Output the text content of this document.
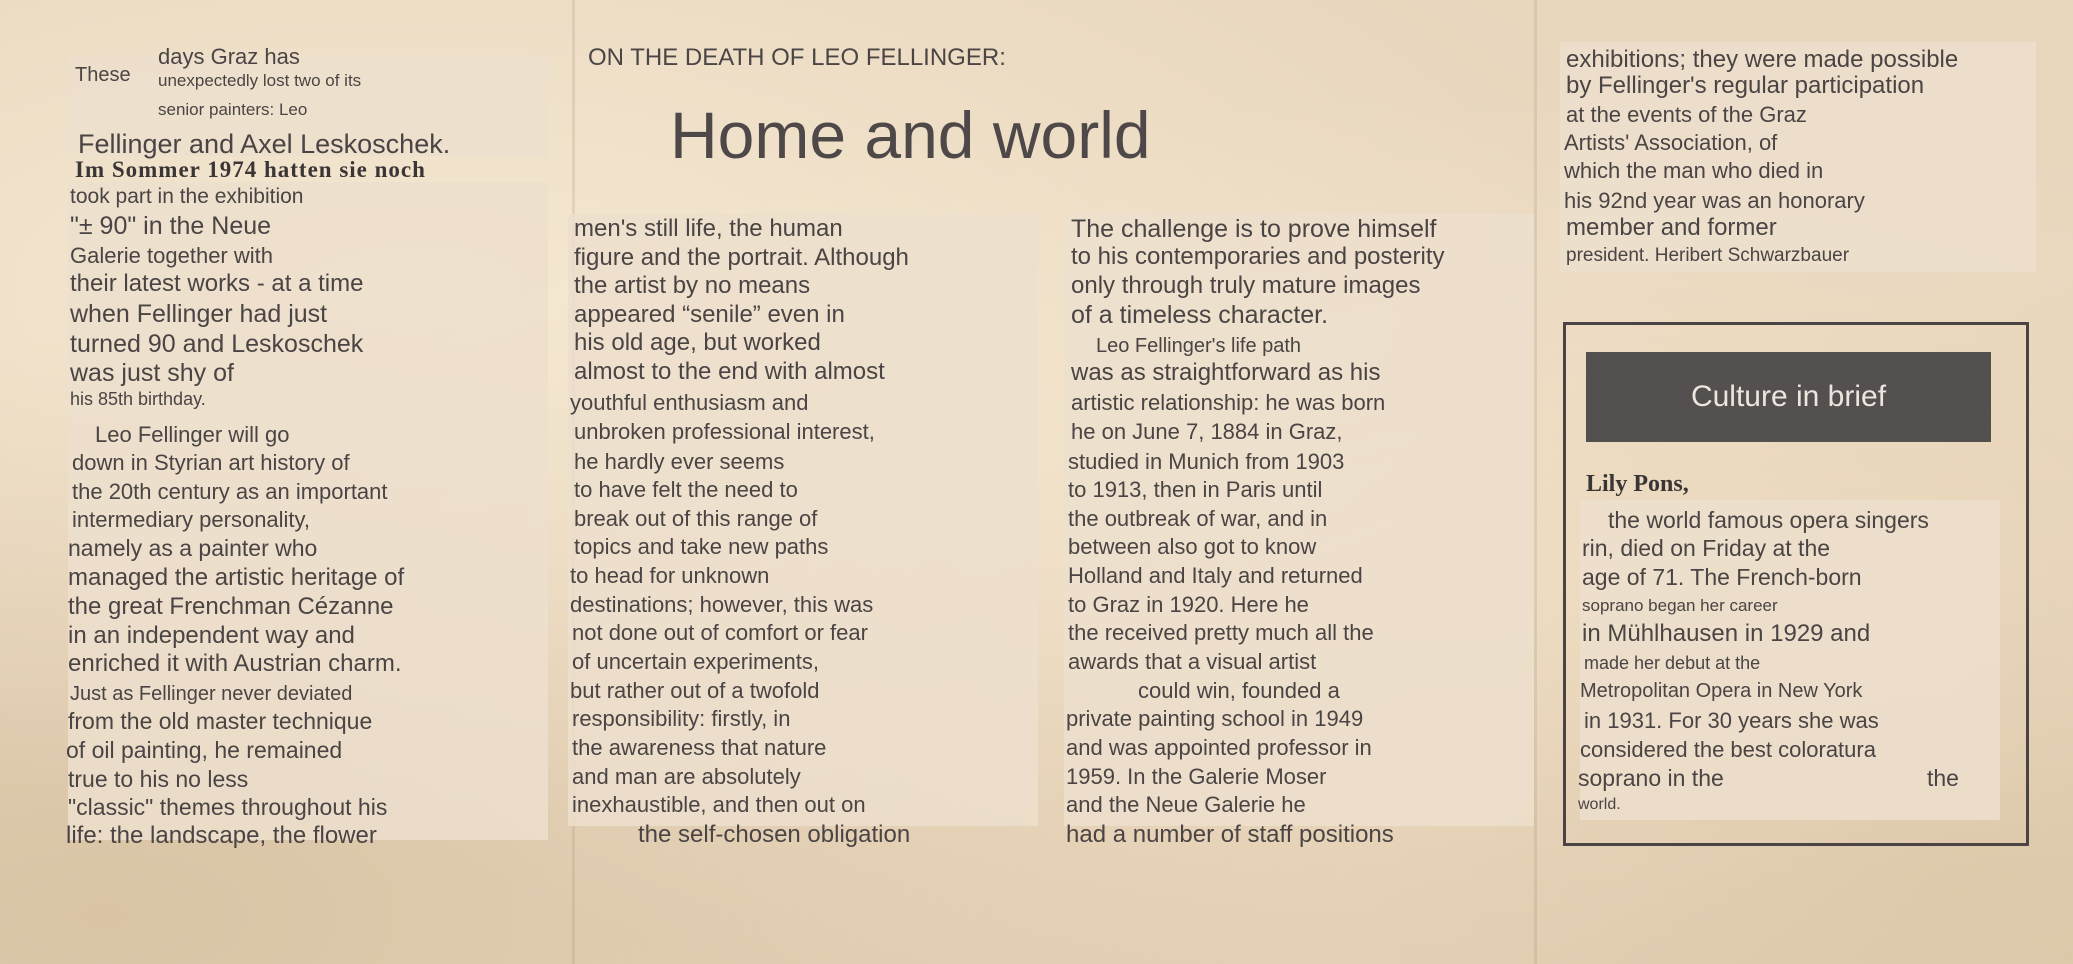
ON THE DEATH OF LEO FELLINGER:
Home and world
These
days Graz has
unexpectedly lost two of its
senior painters: Leo
Fellinger and Axel Leskoschek.
Im Sommer 1974 hatten sie noch
took part in the exhibition
"± 90" in the Neue
Galerie together with
their latest works - at a time
when Fellinger had just
turned 90 and Leskoschek
was just shy of
his 85th birthday.
Leo Fellinger will go
down in Styrian art history of
the 20th century as an important
intermediary personality,
namely as a painter who
managed the artistic heritage of
the great Frenchman Cézanne
in an independent way and
enriched it with Austrian charm.
Just as Fellinger never deviated
from the old master technique
of oil painting, he remained
true to his no less
"classic" themes throughout his
life: the landscape, the flower
men's still life, the human
figure and the portrait. Although
the artist by no means
appeared “senile” even in
his old age, but worked
almost to the end with almost
youthful enthusiasm and
unbroken professional interest,
he hardly ever seems
to have felt the need to
break out of this range of
topics and take new paths
to head for unknown
destinations; however, this was
not done out of comfort or fear
of uncertain experiments,
but rather out of a twofold
responsibility: firstly, in
the awareness that nature
and man are absolutely
inexhaustible, and then out on
the self-chosen obligation
The challenge is to prove himself
to his contemporaries and posterity
only through truly mature images
of a timeless character.
Leo Fellinger's life path
was as straightforward as his
artistic relationship: he was born
he on June 7, 1884 in Graz,
studied in Munich from 1903
to 1913, then in Paris until
the outbreak of war, and in
between also got to know
Holland and Italy and returned
to Graz in 1920. Here he
the received pretty much all the
awards that a visual artist
could win, founded a
private painting school in 1949
and was appointed professor in
1959. In the Galerie Moser
and the Neue Galerie he
had a number of staff positions
exhibitions; they were made possible
by Fellinger's regular participation
at the events of the Graz
Artists' Association, of
which the man who died in
his 92nd year was an honorary
member and former
president. Heribert Schwarzbauer
Culture in brief
Lily Pons,
the world famous opera singers
rin, died on Friday at the
age of 71. The French-born
soprano began her career
in Mühlhausen in 1929 and
made her debut at the
Metropolitan Opera in New York
in 1931. For 30 years she was
considered the best coloratura
soprano in the	the
world.
